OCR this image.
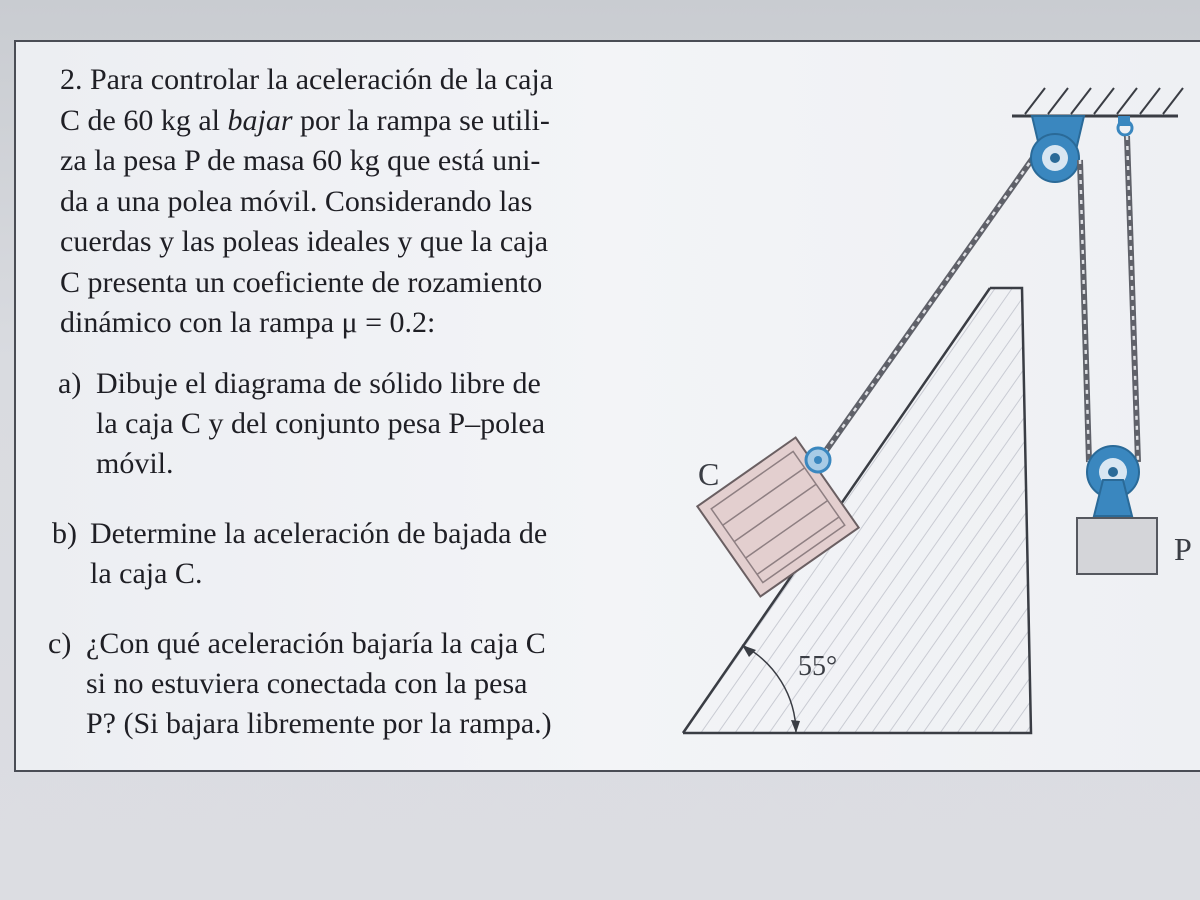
2. Para controlar la aceleración de la caja
C de 60 kg al bajar por la rampa se utili-
za la pesa P de masa 60 kg que está uni-
da a una polea móvil. Considerando las
cuerdas y las poleas ideales y que la caja
C presenta un coeficiente de rozamiento
dinámico con la rampa μ = 0.2:
a) Dibuje el diagrama de sólido libre de
la caja C y del conjunto pesa P–polea
móvil.
b) Determine la aceleración de bajada de
la caja C.
c) ¿Con qué aceleración bajaría la caja C
si no estuviera conectada con la pesa
P? (Si bajara libremente por la rampa.)
55°
C
P
